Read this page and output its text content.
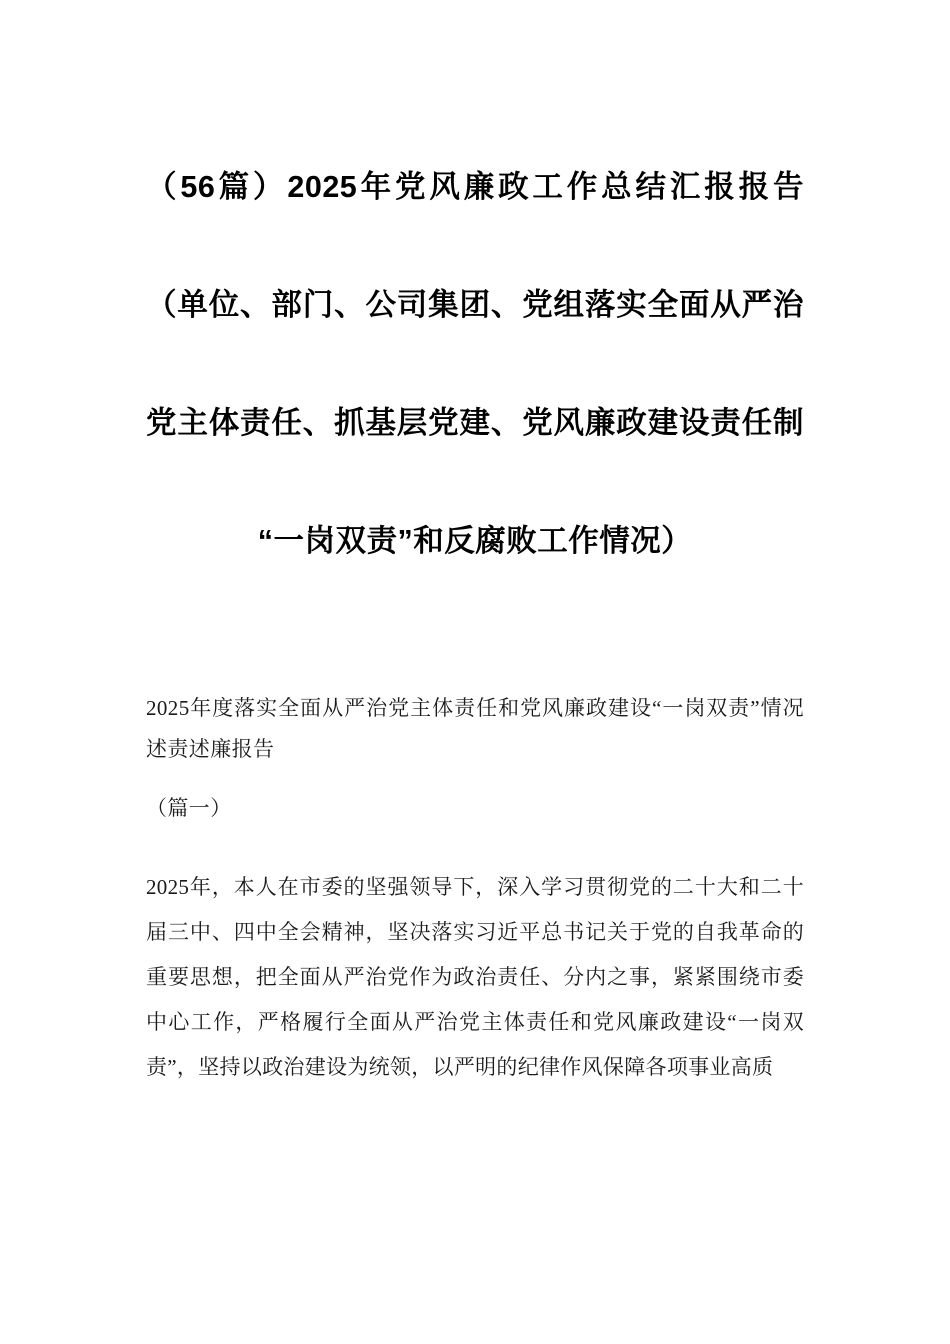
（56篇）2025年党风廉政工作总结汇报报告（单位、部门、公司集团、党组落实全面从严治党主体责任、抓基层党建、党风廉政建设责任制“一岗双责”和反腐败工作情况）

2025年度落实全面从严治党主体责任和党风廉政建设“一岗双责”情况述责述廉报告

（篇一）

2025年，本人在市委的坚强领导下，深入学习贯彻党的二十大和二十届三中、四中全会精神，坚决落实习近平总书记关于党的自我革命的重要思想，把全面从严治党作为政治责任、分内之事，紧紧围绕市委中心工作，严格履行全面从严治党主体责任和党风廉政建设“一岗双责”，坚持以政治建设为统领，以严明的纪律作风保障各项事业高质
